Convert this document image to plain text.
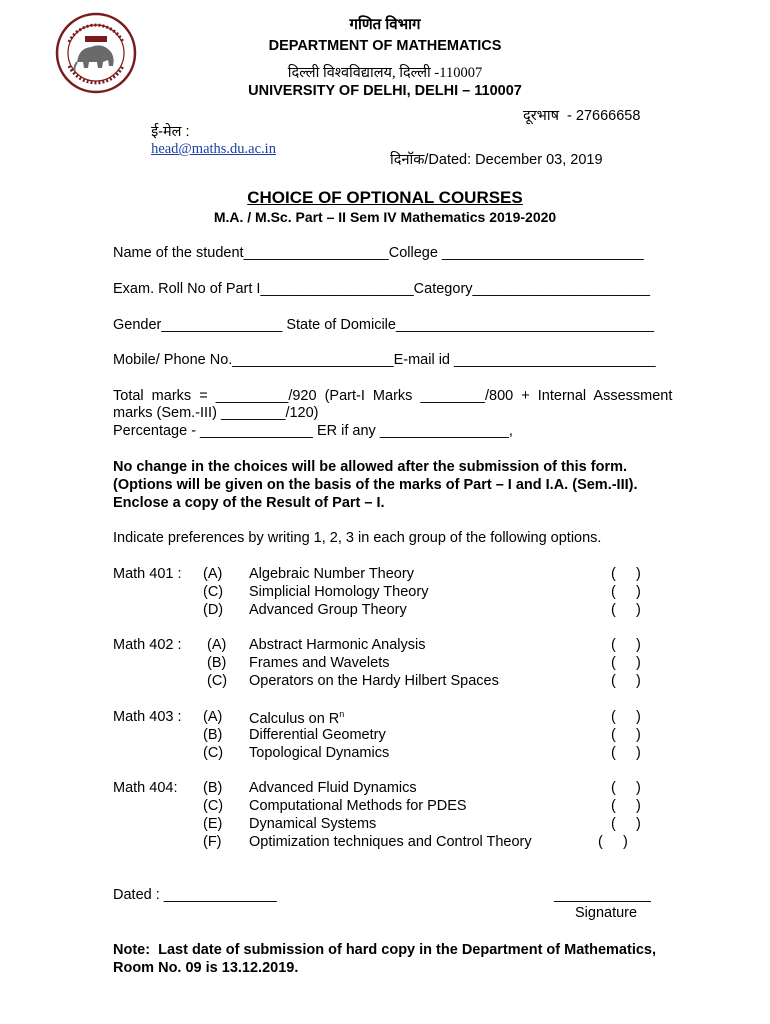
गणित विभाग
DEPARTMENT OF MATHEMATICS
दिल्ली विश्वविद्यालय, दिल्ली -110007
UNIVERSITY OF DELHI, DELHI – 110007

ई-मेल :
head@maths.du.ac.in

दूरभाष  - 27666658
दिनॉक/Dated: December 03, 2019
CHOICE OF OPTIONAL COURSES
M.A. / M.Sc. Part – II Sem IV Mathematics 2019-2020
Name of the student__________________College _________________________
Exam. Roll No of Part I___________________Category______________________
Gender_______________ State of Domicile________________________________
Mobile/ Phone No.____________________E-mail id _________________________
Total  marks  =  _________/920  (Part-I  Marks  ________/800  +  Internal  Assessment
marks (Sem.-III) ________/120)
Percentage - ______________ ER if any ________________,
No change in the choices will be allowed after the submission of this form.
(Options will be given on the basis of the marks of Part – I and I.A. (Sem.-III).
Enclose a copy of the Result of Part – I.
Indicate preferences by writing 1, 2, 3 in each group of the following options.
Math 401 : (A) Algebraic Number Theory	(     )
(C) Simplicial Homology Theory	(     )
(D) Advanced Group Theory	(     )
Math 402 : (A) Abstract Harmonic Analysis	(     )
(B) Frames and Wavelets	(     )
(C) Operators on the Hardy Hilbert Spaces	(     )
Math 403 : (A) Calculus on $R^n$	(     )
(B) Differential Geometry	(     )
(C) Topological Dynamics	(     )
Math 404: (B) Advanced Fluid Dynamics	(     )
(C) Computational Methods for PDES	(     )
(E) Dynamical Systems	(     )
(F) Optimization techniques and Control Theory	(     )
Dated : ______________	____________
Signature
Note:  Last date of submission of hard copy in the Department of Mathematics,
Room No. 09 is 13.12.2019.
